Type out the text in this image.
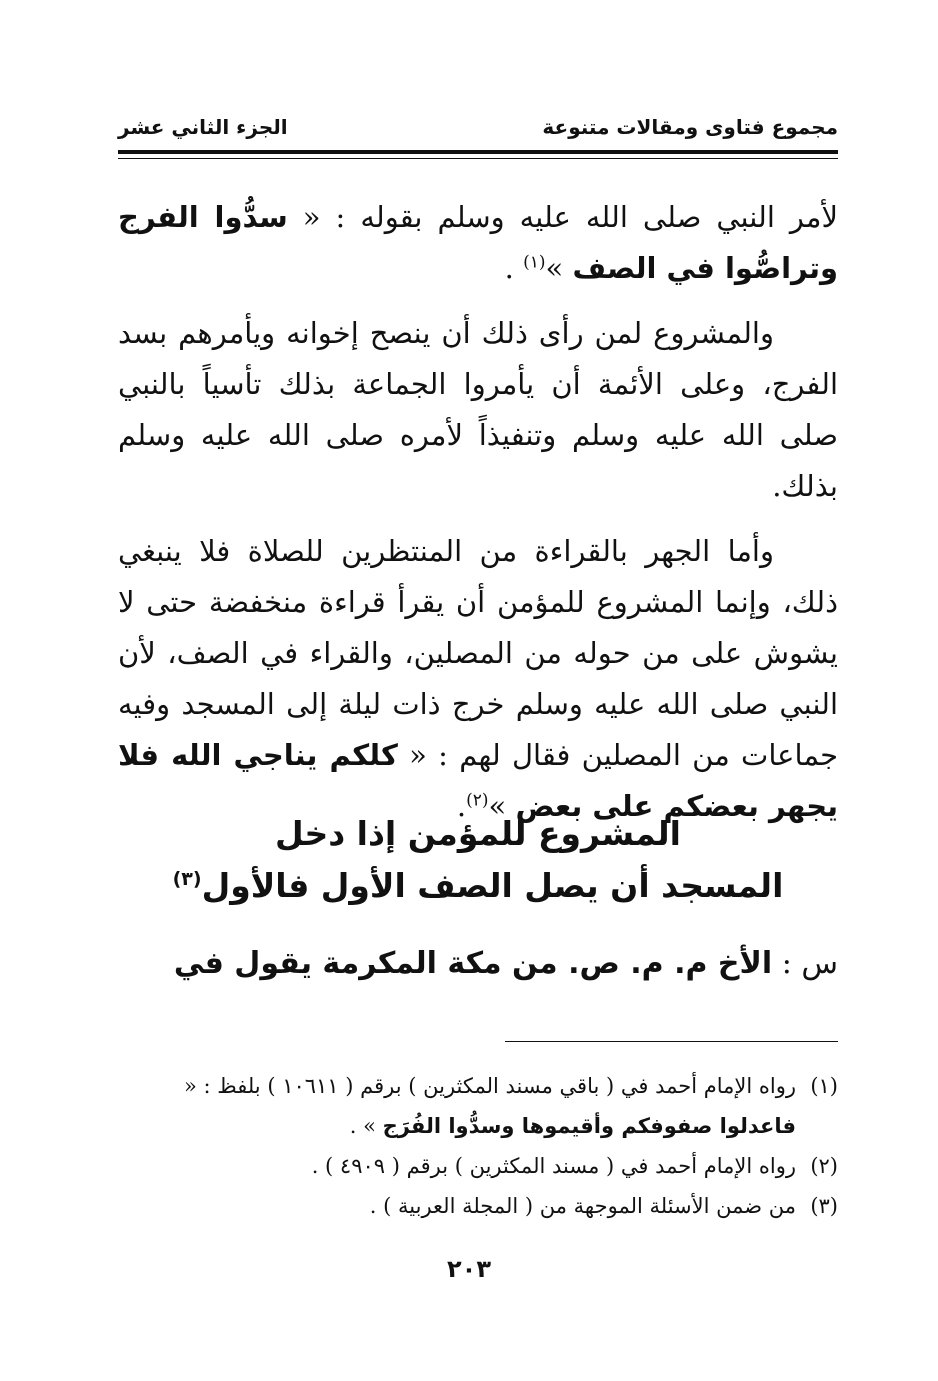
مجموع فتاوى ومقالات متنوعة
الجزء الثاني عشر

لأمر النبي صلى الله عليه وسلم بقوله : « سدُّوا الفرج وتراصُّوا في الصف »$^{(١)}$ .

والمشروع لمن رأى ذلك أن ينصح إخوانه ويأمرهم بسد الفرج، وعلى الأئمة أن يأمروا الجماعة بذلك تأسياً بالنبي صلى الله عليه وسلم وتنفيذاً لأمره صلى الله عليه وسلم بذلك.

وأما الجهر بالقراءة من المنتظرين للصلاة فلا ينبغي ذلك، وإنما المشروع للمؤمن أن يقرأ قراءة منخفضة حتى لا يشوش على من حوله من المصلين، والقراء في الصف، لأن النبي صلى الله عليه وسلم خرج ذات ليلة إلى المسجد وفيه جماعات من المصلين فقال لهم : « كلكم يناجي الله فلا يجهر بعضكم على بعض »$^{(٢)}$.

المشروع للمؤمن إذا دخل
المسجد أن يصل الصف الأول فالأول$^{(٣)}$
س : الأخ م. م. ص. من مكة المكرمة يقول في
(١)
رواه الإمام أحمد في ( باقي مسند المكثرين ) برقم ( ١٠٦١١ ) بلفظ : « فاعدلوا صفوفكم وأقيموها وسدُّوا الفُرَج » .
(٢)
رواه الإمام أحمد في ( مسند المكثرين ) برقم ( ٤٩٠٩ ) .
(٣)
من ضمن الأسئلة الموجهة من ( المجلة العربية ) .
٢٠٣
